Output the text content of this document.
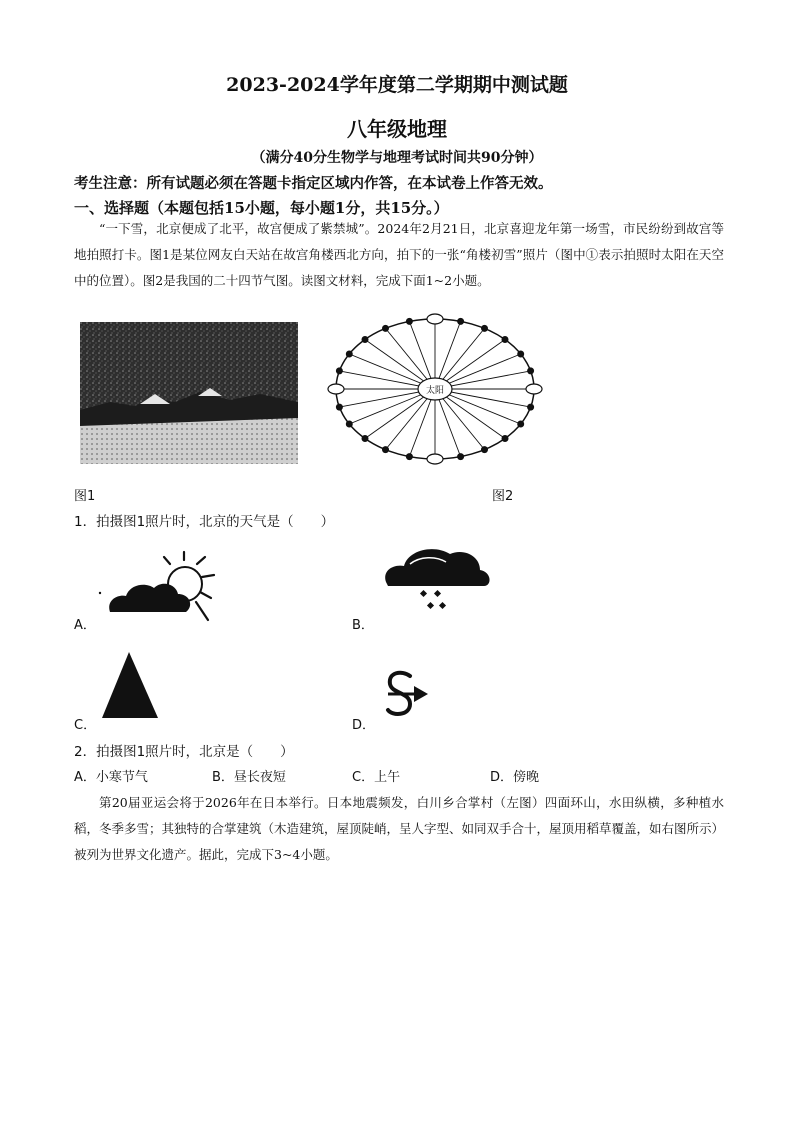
2023-2024学年度第二学期期中测试题
八年级地理
（满分40分生物学与地理考试时间共90分钟）
考生注意：所有试题必须在答题卡指定区域内作答，在本试卷上作答无效。
一、选择题（本题包括15小题，每小题1分，共15分。）
“一下雪，北京便成了北平，故宫便成了紫禁城”。2024年2月21日，北京喜迎龙年第一场雪，市民纷纷到故宫等地拍照打卡。图1是某位网友白天站在故宫角楼西北方向，拍下的一张“角楼初雪”照片（图中①表示拍照时太阳在天空中的位置）。图2是我国的二十四节气图。读图文材料，完成下面1~2小题。
太阳
图1	图2
1．拍摄图1照片时，北京的天气是（　　）
A．	B．
C．	D．
2．拍摄图1照片时，北京是（　　）
A．小寒节气	B．昼长夜短	C．上午	D．傍晚
第20届亚运会将于2026年在日本举行。日本地震频发，白川乡合掌村（左图）四面环山，水田纵横，多种植水稻，冬季多雪；其独特的合掌建筑（木造建筑，屋顶陡峭，呈人字型、如同双手合十，屋顶用稻草覆盖，如右图所示）被列为世界文化遗产。据此，完成下3~4小题。
